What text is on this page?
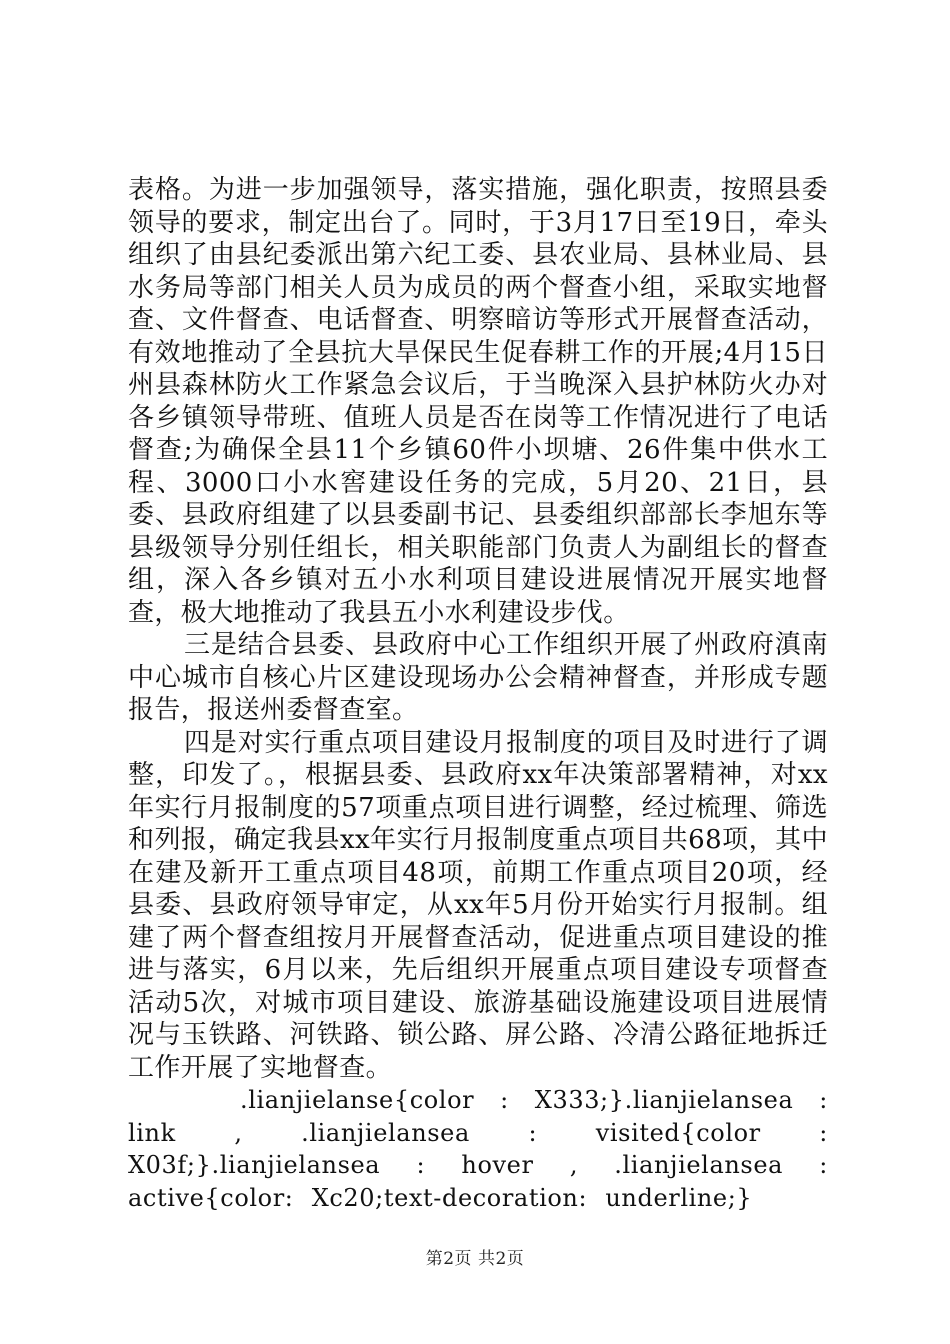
表格。为进一步加强领导，落实措施，强化职责，按照县委领导的要求，制定出台了。同时，于3月17日至19日，牵头组织了由县纪委派出第六纪工委、县农业局、县林业局、县水务局等部门相关人员为成员的两个督查小组，采取实地督查、文件督查、电话督查、明察暗访等形式开展督查活动，有效地推动了全县抗大旱保民生促春耕工作的开展;4月15日州县森林防火工作紧急会议后，于当晚深入县护林防火办对各乡镇领导带班、值班人员是否在岗等工作情况进行了电话督查;为确保全县11个乡镇60件小坝塘、26件集中供水工程、3000口小水窖建设任务的完成，5月20、21日，县委、县政府组建了以县委副书记、县委组织部部长李旭东等县级领导分别任组长，相关职能部门负责人为副组长的督查组，深入各乡镇对五小水利项目建设进展情况开展实地督查，极大地推动了我县五小水利建设步伐。

三是结合县委、县政府中心工作组织开展了州政府滇南中心城市自核心片区建设现场办公会精神督查，并形成专题报告，报送州委督查室。

四是对实行重点项目建设月报制度的项目及时进行了调整，印发了。，根据县委、县政府xx年决策部署精神，对xx年实行月报制度的57项重点项目进行调整，经过梳理、筛选和列报，确定我县xx年实行月报制度重点项目共68项，其中在建及新开工重点项目48项，前期工作重点项目20项，经县委、县政府领导审定，从xx年5月份开始实行月报制。组建了两个督查组按月开展督查活动，促进重点项目建设的推进与落实，6月以来，先后组织开展重点项目建设专项督查活动5次，对城市项目建设、旅游基础设施建设项目进展情况与玉铁路、河铁路、锁公路、屏公路、冷清公路征地拆迁工作开展了实地督查。

.lianjielanse{color : X333;}.lianjielansea : link , .lianjielansea : visited{color : X03f;}.lianjielansea : hover , .lianjielansea : active{color: Xc20;text-decoration: underline;}

第2页 共2页
